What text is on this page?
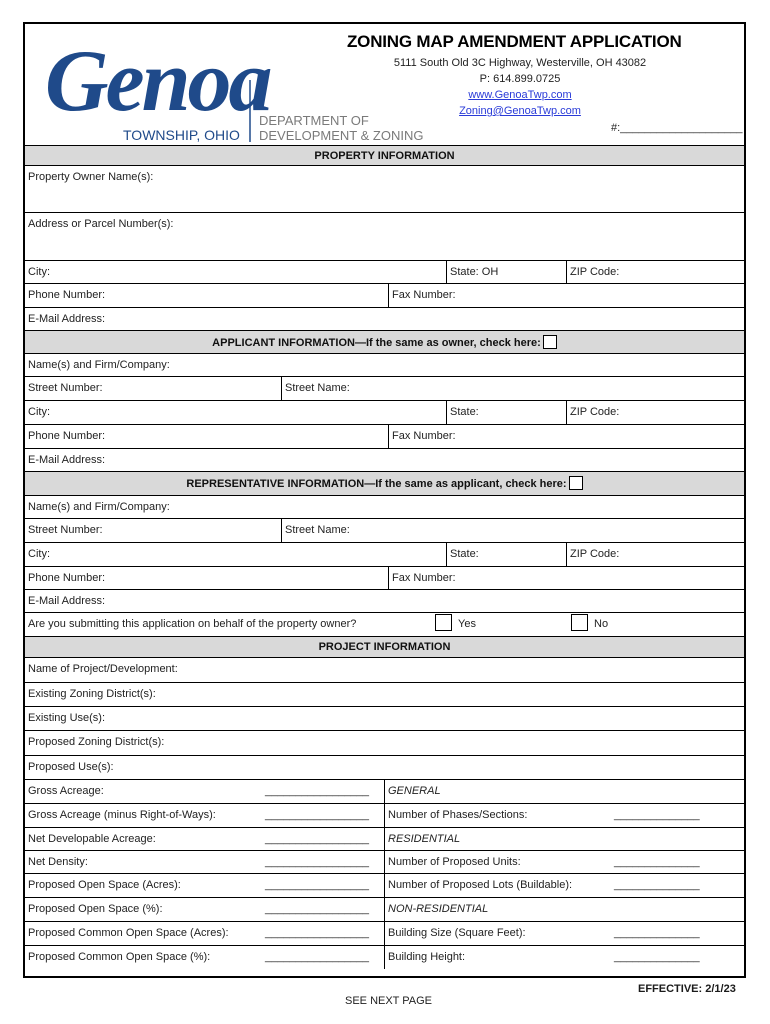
Genoa
TOWNSHIP, OHIO
DEPARTMENT OF
DEVELOPMENT & ZONING
ZONING MAP AMENDMENT APPLICATION
5111 South Old 3C Highway, Westerville, OH 43082
P: 614.899.0725
www.GenoaTwp.com
Zoning@GenoaTwp.com
#:____________________
PROPERTY INFORMATION
Property Owner Name(s):
Address or Parcel Number(s):
City:	State: OH	ZIP Code:
Phone Number:	Fax Number:
E-Mail Address:
APPLICANT INFORMATION—If the same as owner, check here:
Name(s) and Firm/Company:
Street Number:	Street Name:
City:	State:	ZIP Code:
Phone Number:	Fax Number:
E-Mail Address:
REPRESENTATIVE INFORMATION—If the same as applicant, check here:
Name(s) and Firm/Company:
Street Number:	Street Name:
City:	State:	ZIP Code:
Phone Number:	Fax Number:
E-Mail Address:
Are you submitting this application on behalf of the property owner?	Yes	No
PROJECT INFORMATION
Name of Project/Development:
Existing Zoning District(s):
Existing Use(s):
Proposed Zoning District(s):
Proposed Use(s):
Gross Acreage:	_________________ GENERAL
Gross Acreage (minus Right-of-Ways):	_________________ Number of Phases/Sections:	______________
Net Developable Acreage:	_________________ RESIDENTIAL
Net Density:	_________________ Number of Proposed Units:	______________
Proposed Open Space (Acres):	_________________ Number of Proposed Lots (Buildable):	______________
Proposed Open Space (%):	_________________ NON-RESIDENTIAL
Proposed Common Open Space (Acres):	_________________ Building Size (Square Feet):	______________
Proposed Common Open Space (%):	_________________ Building Height:	______________
EFFECTIVE: 2/1/23
SEE NEXT PAGE
